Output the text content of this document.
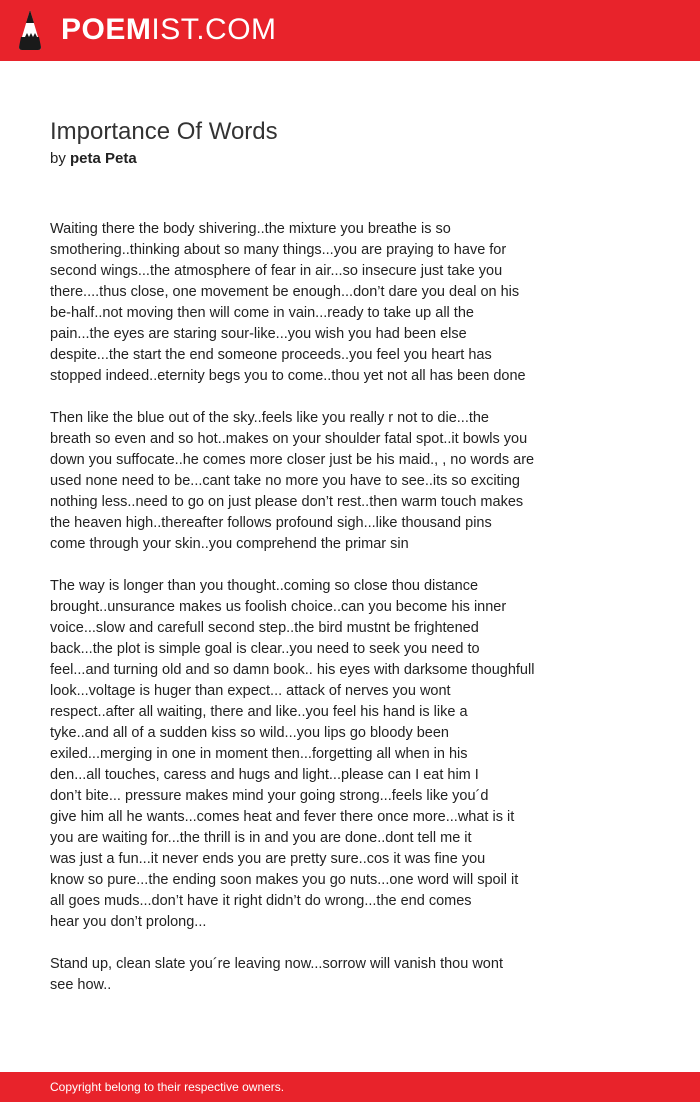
POEMIST.COM
Importance Of Words
by peta Peta

Waiting there the body shivering..the mixture you breathe is so
smothering..thinking about so many things...you are praying to have for
second wings...the atmosphere of fear in air...so insecure just take you
there....thus close, one movement be enough...don’t dare you deal on his
be-half..not moving then will come in vain...ready to take up all the
pain...the eyes are staring sour-like...you wish you had been else
despite...the start the end someone proceeds..you feel you heart has
stopped indeed..eternity begs you to come..thou yet not all has been done

Then like the blue out of the sky..feels like you really r not to die...the
breath so even and so hot..makes on your shoulder fatal spot..it bowls you
down you suffocate..he comes more closer just be his maid., , no words are
used none need to be...cant take no more you have to see..its so exciting
nothing less..need to go on just please don’t rest..then warm touch makes
the heaven high..thereafter follows profound sigh...like thousand pins
come through your skin..you comprehend the primar sin

The way is longer than you thought..coming so close thou distance
brought..unsurance makes us foolish choice..can you become his inner
voice...slow and carefull second step..the bird mustnt be frightened
back...the plot is simple goal is clear..you need to seek you need to
feel...and turning old and so damn book.. his eyes with darksome thoughfull
look...voltage is huger than expect... attack of nerves you wont
respect..after all waiting, there and like..you feel his hand is like a
tyke..and all of a sudden kiss so wild...you lips go bloody been
exiled...merging in one in moment then...forgetting all when in his
den...all touches, caress and hugs and light...please can I eat him I
don’t bite... pressure makes mind your going strong...feels like you´d
give him all he wants...comes heat and fever there once more...what is it
you are waiting for...the thrill is in and you are done..dont tell me it
was just a fun...it never ends you are pretty sure..cos it was fine you
know so pure...the ending soon makes you go nuts...one word will spoil it
all goes muds...don’t have it right didn’t do wrong...the end comes
hear you don’t prolong...

Stand up, clean slate you´re leaving now...sorrow will vanish thou wont
see how..

Copyright belong to their respective owners.
